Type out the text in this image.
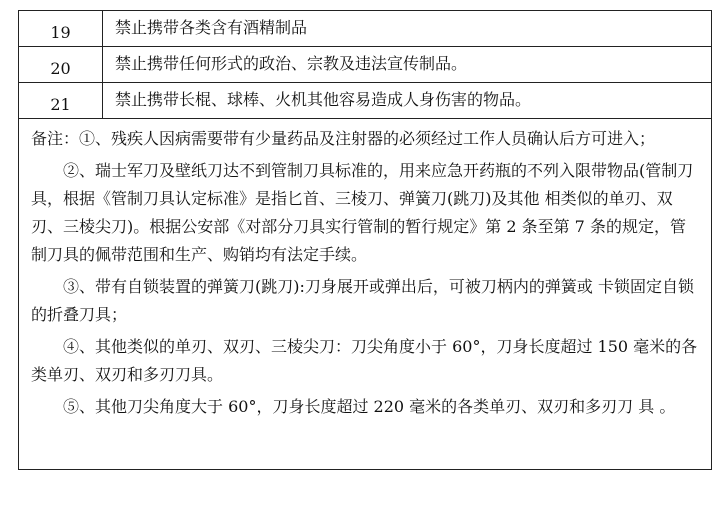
19	禁止携带各类含有酒精制品
20	禁止携带任何形式的政治、宗教及违法宣传制品。
21	禁止携带长棍、球棒、火机其他容易造成人身伤害的物品。

备注：①、残疾人因病需要带有少量药品及注射器的必须经过工作人员确认后方可进入；

②、瑞士军刀及壁纸刀达不到管制刀具标准的，用来应急开药瓶的不列入限带物品(管制刀具，根据《管制刀具认定标准》是指匕首、三棱刀、弹簧刀(跳刀)及其他 相类似的单刃、双刃、三棱尖刀)。根据公安部《对部分刀具实行管制的暂行规定》第 2 条至第 7 条的规定，管制刀具的佩带范围和生产、购销均有法定手续。

③、带有自锁装置的弹簧刀(跳刀):刀身展开或弹出后，可被刀柄内的弹簧或 卡锁固定自锁的折叠刀具；

④、其他类似的单刃、双刃、三棱尖刀：刀尖角度小于 60°，刀身长度超过 150 毫米的各类单刃、双刃和多刃刀具。

⑤、其他刀尖角度大于 60°，刀身长度超过 220 毫米的各类单刃、双刃和多刃刀 具 。
